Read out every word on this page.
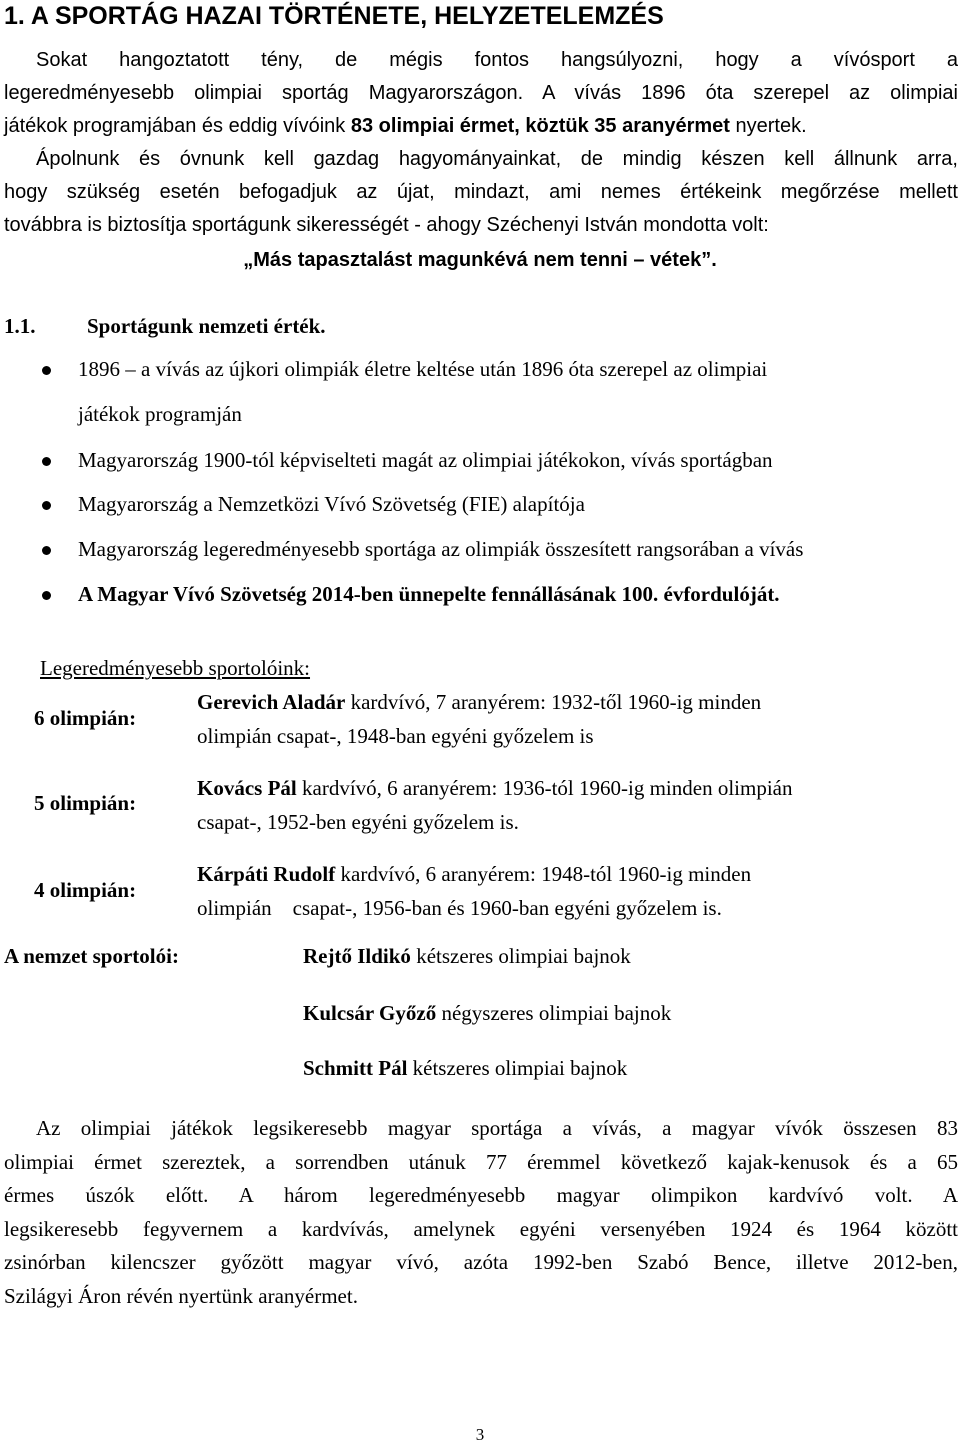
1. A SPORTÁG HAZAI TÖRTÉNETE, HELYZETELEMZÉS
Sokat hangoztatott tény, de mégis fontos hangsúlyozni, hogy a vívósport a
legeredményesebb olimpiai sportág Magyarországon. A vívás 1896 óta szerepel az olimpiai
játékok programjában és eddig vívóink 83 olimpiai érmet, köztük 35 aranyérmet nyertek.
Ápolnunk és óvnunk kell gazdag hagyományainkat, de mindig készen kell állnunk arra,
hogy szükség esetén befogadjuk az újat, mindazt, ami nemes értékeink megőrzése mellett
továbbra is biztosítja sportágunk sikerességét - ahogy Széchenyi István mondotta volt:
„Más tapasztalást magunkévá nem tenni – vétek”.
1.1. Sportágunk nemzeti érték.
1896 – a vívás az újkori olimpiák életre keltése után 1896 óta szerepel az olimpiai
játékok programján
Magyarország 1900-tól képviselteti magát az olimpiai játékokon, vívás sportágban
Magyarország a Nemzetközi Vívó Szövetség (FIE) alapítója
Magyarország legeredményesebb sportága az olimpiák összesített rangsorában a vívás
A Magyar Vívó Szövetség 2014-ben ünnepelte fennállásának 100. évfordulóját.
Legeredményesebb sportolóink:
6 olimpián:
Gerevich Aladár kardvívó, 7 aranyérem: 1932-től 1960-ig minden
olimpián csapat-, 1948-ban egyéni győzelem is
5 olimpián:
Kovács Pál kardvívó, 6 aranyérem: 1936-tól 1960-ig minden olimpián
csapat-, 1952-ben egyéni győzelem is.
4 olimpián:
Kárpáti Rudolf kardvívó, 6 aranyérem: 1948-tól 1960-ig minden
olimpián    csapat-, 1956-ban és 1960-ban egyéni győzelem is.
A nemzet sportolói:	Rejtő Ildikó kétszeres olimpiai bajnok
Kulcsár Győző négyszeres olimpiai bajnok
Schmitt Pál kétszeres olimpiai bajnok
Az olimpiai játékok legsikeresebb magyar sportága a vívás, a magyar vívók összesen 83
olimpiai érmet szereztek, a sorrendben utánuk 77 éremmel következő kajak-kenusok és a 65
érmes úszók előtt. A három legeredményesebb magyar olimpikon kardvívó volt. A
legsikeresebb fegyvernem a kardvívás, amelynek egyéni versenyében 1924 és 1964 között
zsinórban kilencszer győzött magyar vívó, azóta 1992-ben Szabó Bence, illetve 2012-ben,
Szilágyi Áron révén nyertünk aranyérmet.
3
